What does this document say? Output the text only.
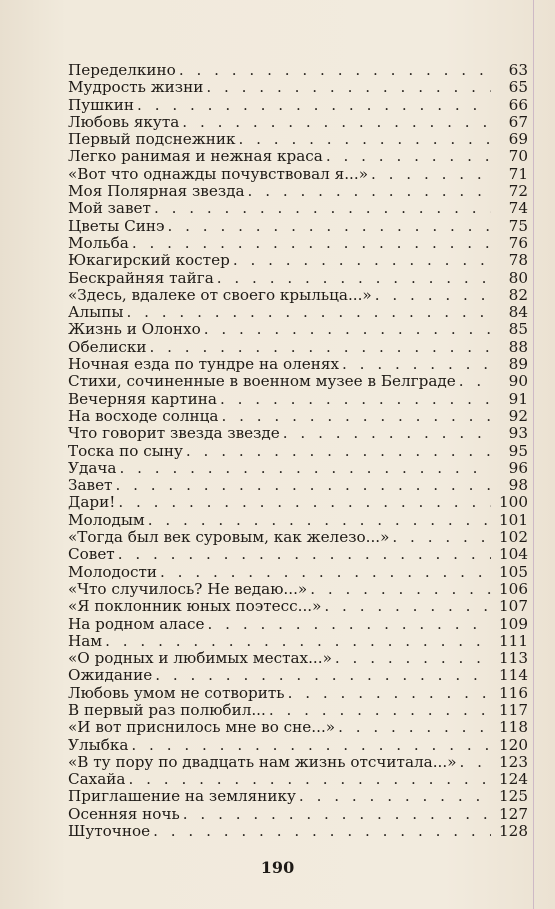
Переделкино . . .	63
Мудрость жизни . . .	65
Пушкин . . .	66
Любовь якута . . .	67
Первый подснежник . . .	69
Легко ранимая и нежная краса . . .	70
«Вот что однажды почувствовал я...» . . .	71
Моя Полярная звезда . . .	72
Мой завет . . .	74
Цветы Синэ . . .	75
Мольба . . .	76
Юкагирский костер . . .	78
Бескрайняя тайга . . .	80
«Здесь, вдалеке от своего крыльца...» . . .	82
Алыпы . . .	84
Жизнь и Олонхо . . .	85
Обелиски . . .	88
Ночная езда по тундре на оленях . . .	89
Стихи, сочиненные в военном музее в Белграде . . .	90
Вечерняя картина . . .	91
На восходе солнца . . .	92
Что говорит звезда звезде . . .	93
Тоска по сыну . . .	95
Удача . . .	96
Завет . . .	98
Дари! . . .	100
Молодым . . .	101
«Тогда был век суровым, как железо...» . . .	102
Совет . . .	104
Молодости . . .	105
«Что случилось? Не ведаю...» . . .	106
«Я поклонник юных поэтесс...» . . .	107
На родном аласе . . .	109
Нам . . .	111
«О родных и любимых местах...» . . .	113
Ожидание . . .	114
Любовь умом не сотворить . . .	116
В первый раз полюбил... . . .	117
«И вот приснилось мне во сне...» . . .	118
Улыбка . . .	120
«В ту пору по двадцать нам жизнь отсчитала...» . . .	123
Сахайа . . .	124
Приглашение на землянику . . .	125
Осенняя ночь . . .	127
Шуточное . . .	128
190
